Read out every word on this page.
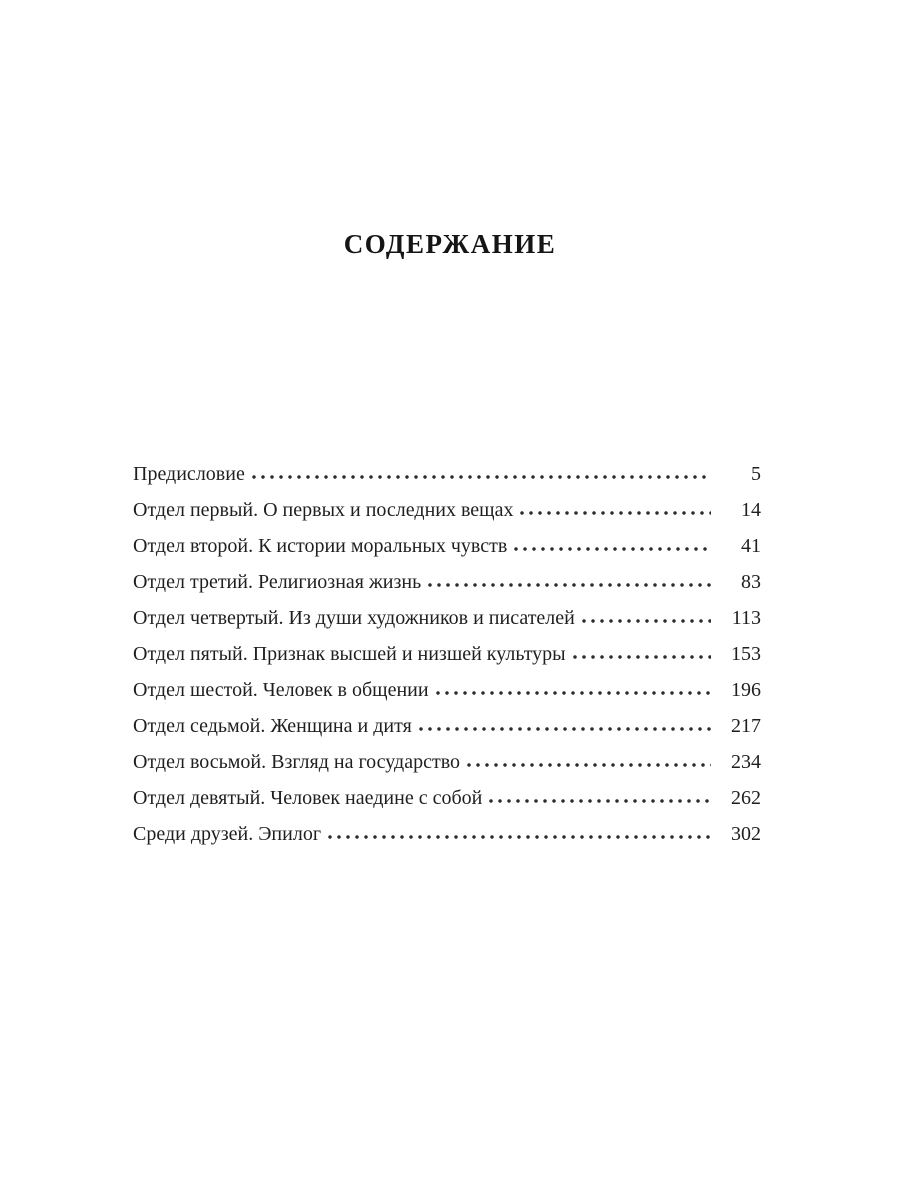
СОДЕРЖАНИЕ
Предисловие	5
Отдел первый. О первых и последних вещах	14
Отдел второй. К истории моральных чувств	41
Отдел третий. Религиозная жизнь	83
Отдел четвертый. Из души художников и писателей	113
Отдел пятый. Признак высшей и низшей культуры	153
Отдел шестой. Человек в общении	196
Отдел седьмой. Женщина и дитя	217
Отдел восьмой. Взгляд на государство	234
Отдел девятый. Человек наедине с собой	262
Среди друзей. Эпилог	302
